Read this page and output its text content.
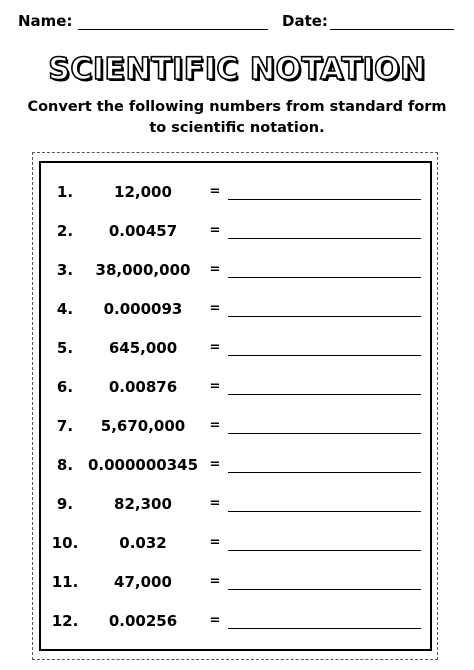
Name:	Date:
SCIENTIFIC NOTATION
Convert the following numbers from standard form
to scientific notation.
1.	12,000	=
2.	0.00457	=
3.	38,000,000	=
4.	0.000093	=
5.	645,000	=
6.	0.00876	=
7.	5,670,000	=
8. 0.000000345 =
9.	82,300	=
10.	0.032	=
11.	47,000	=
12.	0.00256	=
